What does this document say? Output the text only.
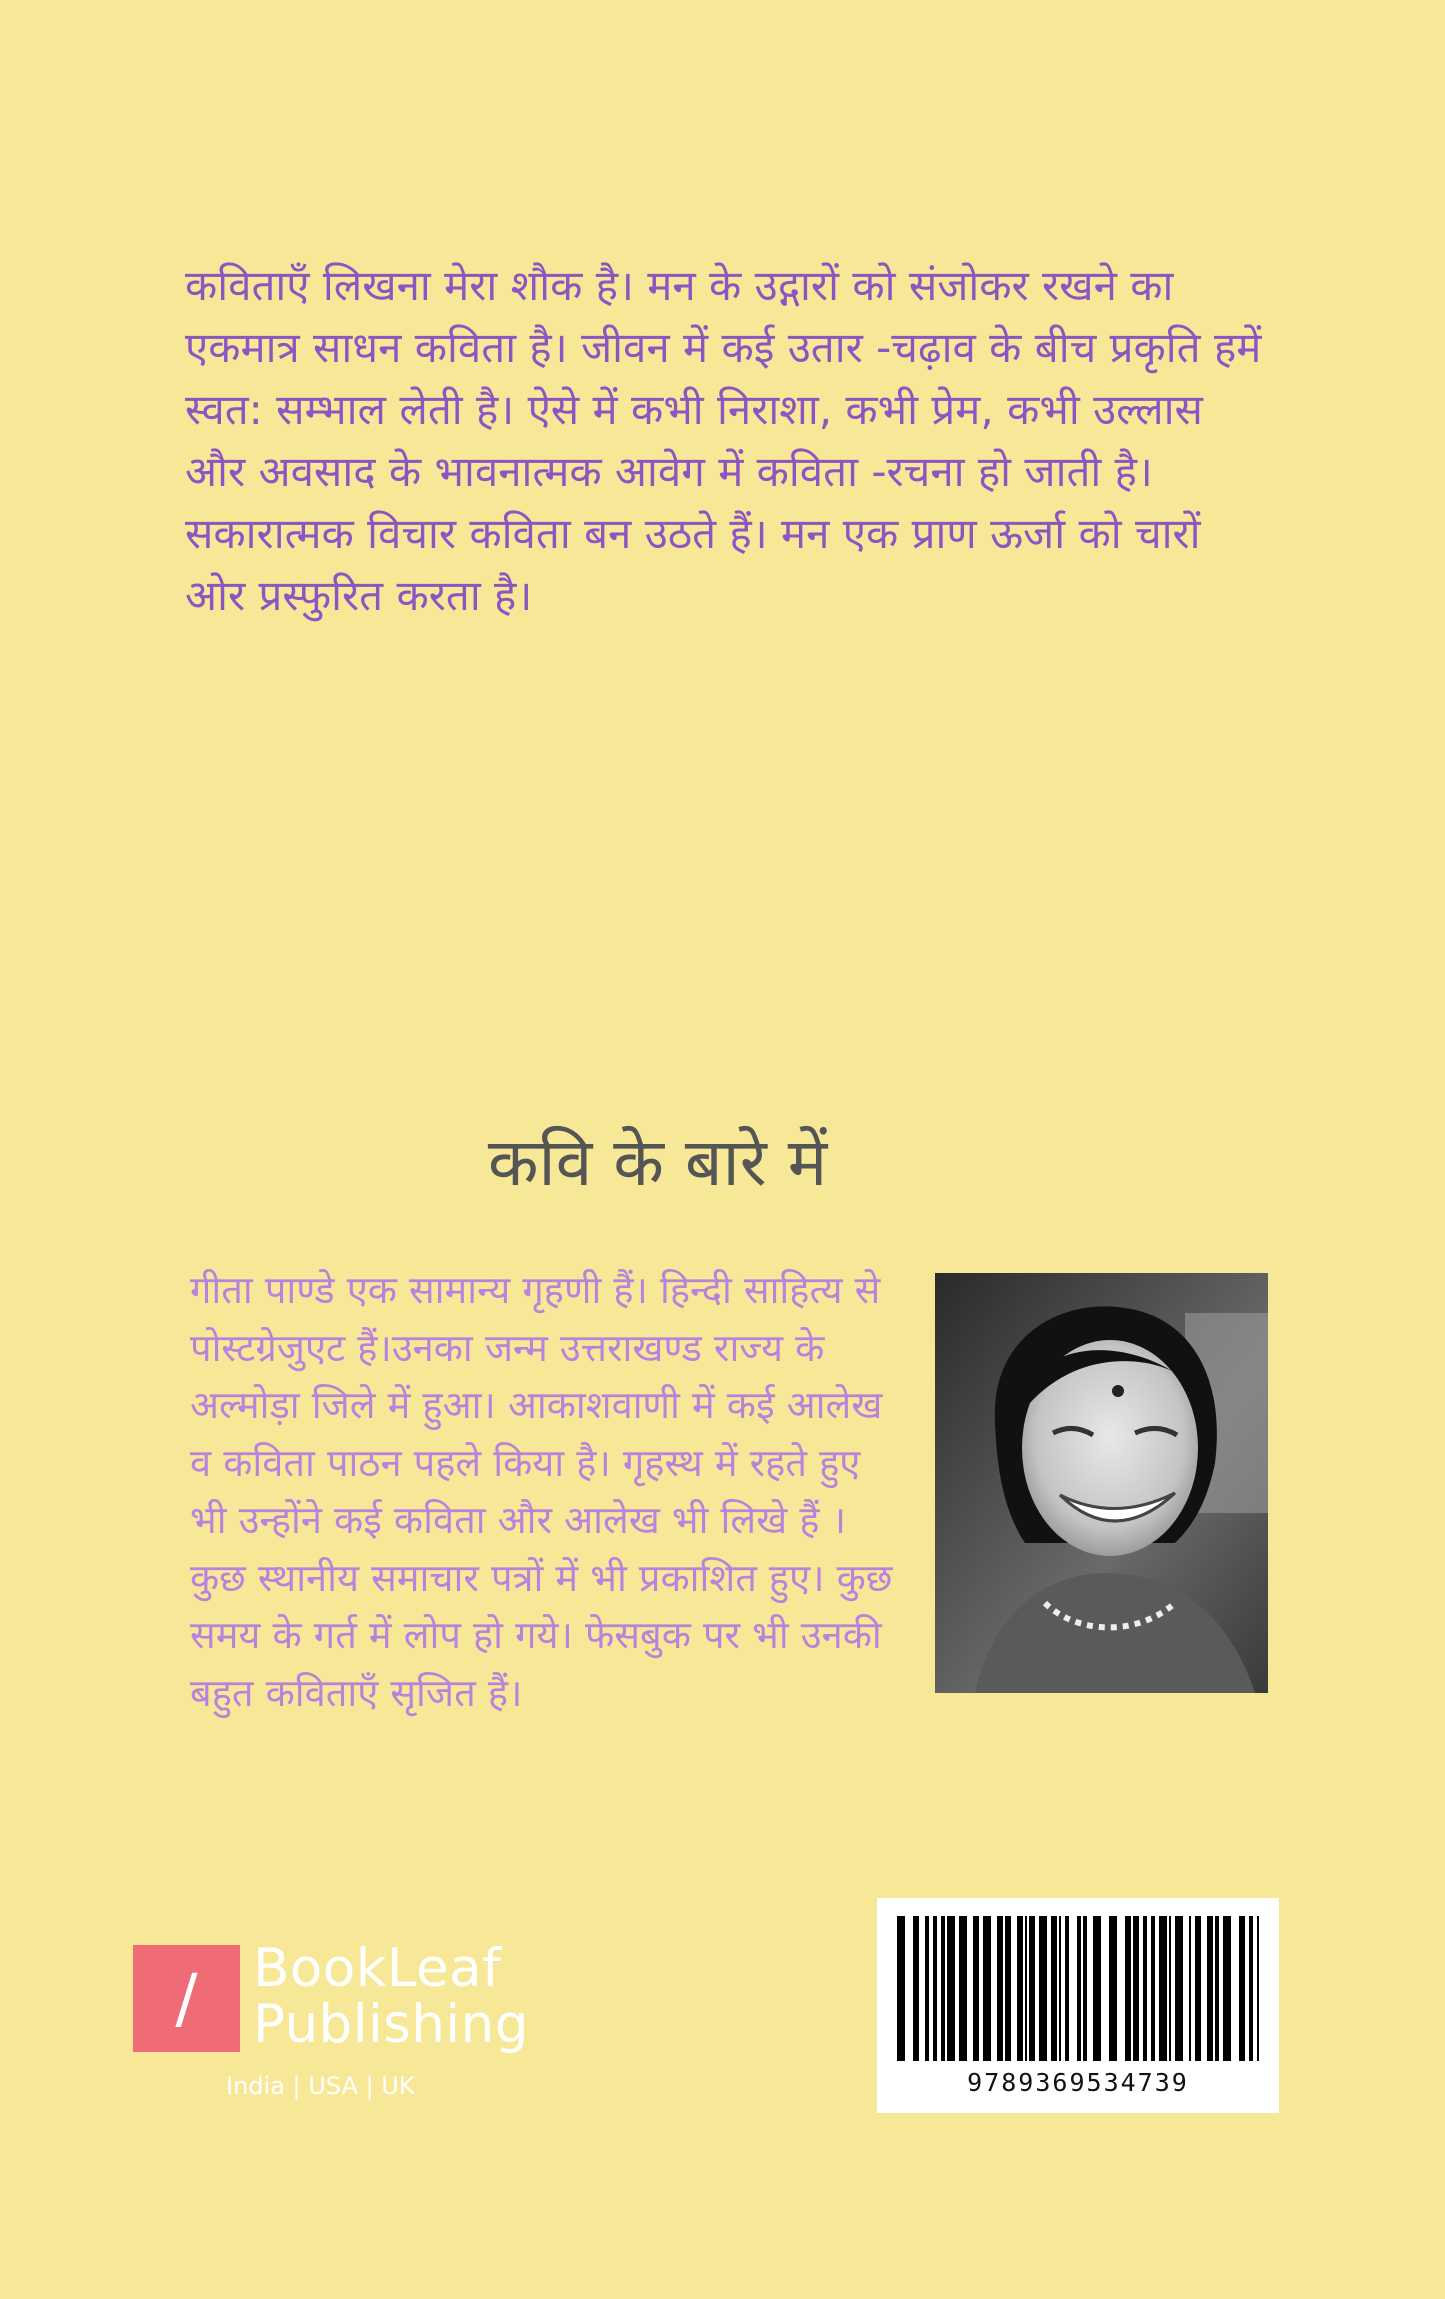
कविताएँ लिखना मेरा शौक है। मन के उद्गारों को संजोकर रखने का एकमात्र साधन कविता है। जीवन में कई उतार -चढ़ाव के बीच प्रकृति हमें स्वत: सम्भाल लेती है। ऐसे में कभी निराशा, कभी प्रेम, कभी उल्लास और अवसाद के भावनात्मक आवेग में कविता -रचना हो जाती है। सकारात्मक विचार कविता बन उठते हैं। मन एक प्राण ऊर्जा को चारों ओर प्रस्फुरित करता है।

कवि के बारे में

गीता पाण्डे एक सामान्य गृहणी हैं। हिन्दी साहित्य से पोस्टग्रेजुएट हैं।उनका जन्म उत्तराखण्ड राज्य के अल्मोड़ा जिले में हुआ। आकाशवाणी में कई आलेख व कविता पाठन पहले किया है। गृहस्थ में रहते हुए भी उन्होंने कई कविता और आलेख भी लिखे हैं । कुछ स्थानीय समाचार पत्रों में भी प्रकाशित हुए। कुछ समय के गर्त में लोप हो गये। फेसबुक पर भी उनकी बहुत कविताएँ सृजित हैं।

/	BookLeaf
Publishing
India | USA | UK	9789369534739
